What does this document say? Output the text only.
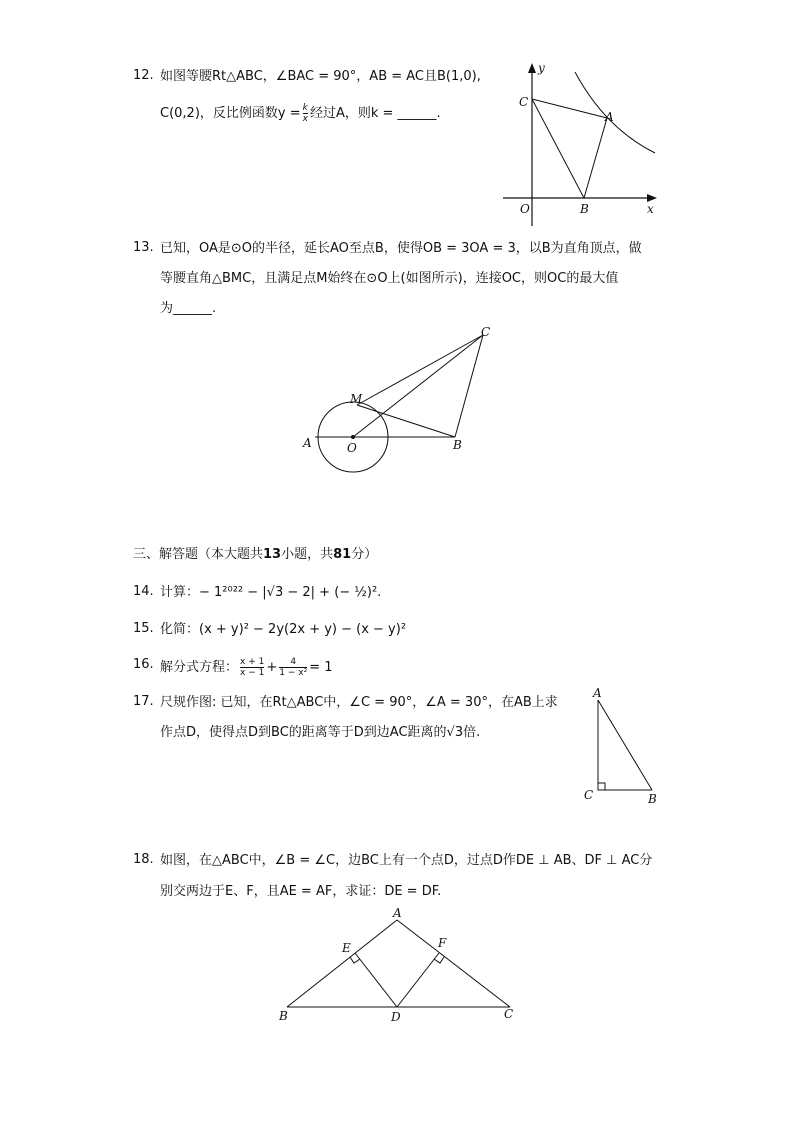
12. 如图等腰Rt△ABC，∠BAC = 90°，AB = AC且B(1,0),
C(0,2)，反比例函数$y = \frac{k}{x}$ 经过A，则k = ______.
y
x
O	B
C
A
13. 已知，OA是⊙O的半径，延长AO至点B，使得OB = 3OA = 3，以B为直角顶点，做
等腰直角△BMC，且满足点M始终在⊙O上(如图所示)，连接OC，则OC的最大值
为______.
C
M
A	O	B
三、解答题（本大题共13小题，共81分）
14. 计算：− 1²⁰²² − |√3 − 2| + (− ½)².
15. 化简：(x + y)² − 2y(2x + y) − (x − y)²
16. 解分式方程： $\frac{x + 1}{x - 1} + \frac{4}{\text{1 − x²}} = 1$
17. 尺规作图: 已知，在Rt△ABC中，∠C = 90°，∠A = 30°，在AB上求
作点D，使得点D到BC的距离等于D到边AC距离的√3倍.
A
C	B
18. 如图，在△ABC中，∠B = ∠C，边BC上有一个点D，过点D作DE ⊥ AB、DF ⊥ AC分
别交两边于E、F，且AE = AF，求证：DE = DF.
A
E	F
B	D	C
